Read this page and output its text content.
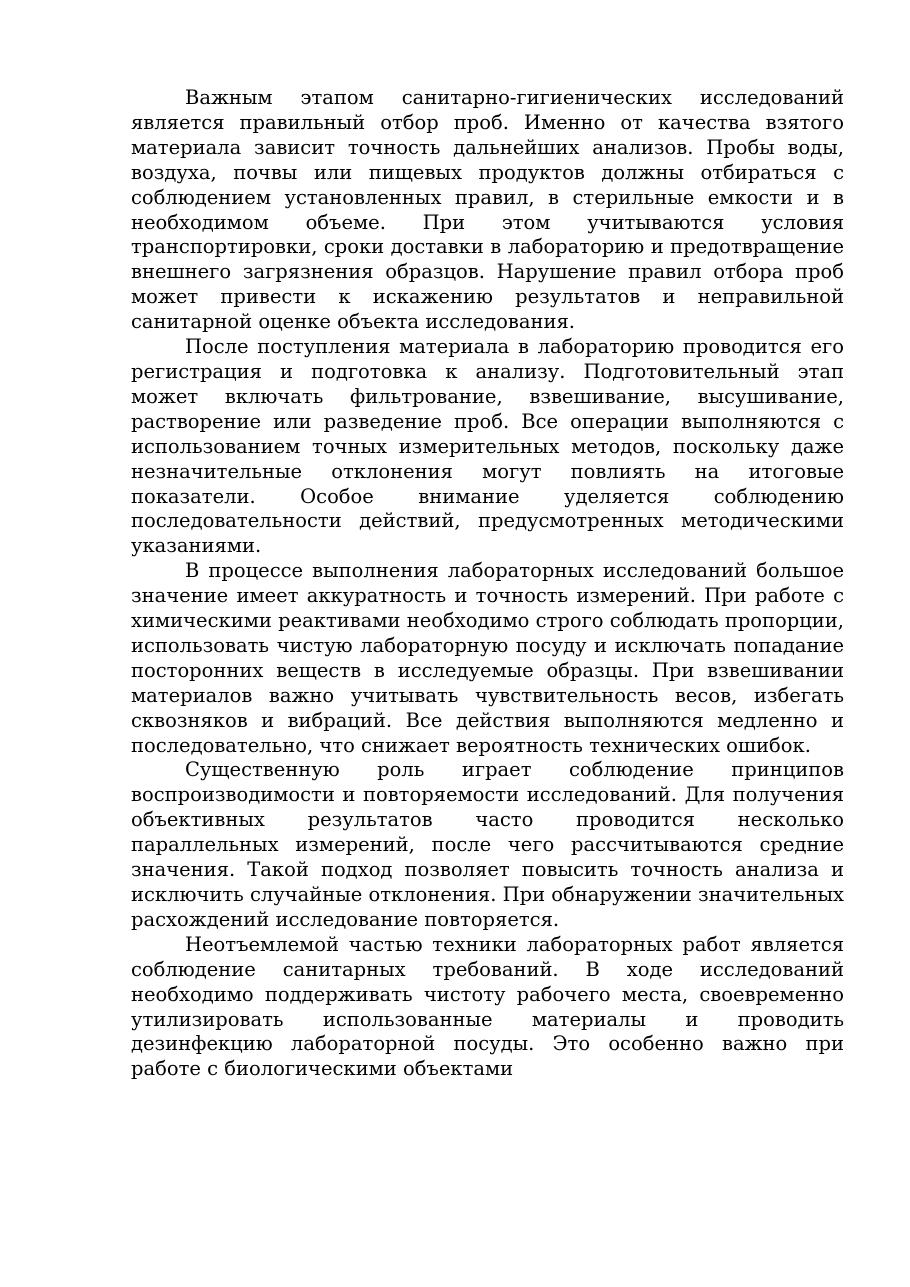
Важным этапом санитарно-гигиенических исследований является правильный отбор проб. Именно от качества взятого материала зависит точность дальнейших анализов. Пробы воды, воздуха, почвы или пищевых продуктов должны отбираться с соблюдением установленных правил, в стерильные емкости и в необходимом объеме. При этом учитываются условия транспортировки, сроки доставки в лабораторию и предотвращение внешнего загрязнения образцов. Нарушение правил отбора проб может привести к искажению результатов и неправильной санитарной оценке объекта исследования.

После поступления материала в лабораторию проводится его регистрация и подготовка к анализу. Подготовительный этап может включать фильтрование, взвешивание, высушивание, растворение или разведение проб. Все операции выполняются с использованием точных измерительных методов, поскольку даже незначительные отклонения могут повлиять на итоговые показатели. Особое внимание уделяется соблюдению последовательности действий, предусмотренных методическими указаниями.

В процессе выполнения лабораторных исследований большое значение имеет аккуратность и точность измерений. При работе с химическими реактивами необходимо строго соблюдать пропорции, использовать чистую лабораторную посуду и исключать попадание посторонних веществ в исследуемые образцы. При взвешивании материалов важно учитывать чувствительность весов, избегать сквозняков и вибраций. Все действия выполняются медленно и последовательно, что снижает вероятность технических ошибок.

Существенную роль играет соблюдение принципов воспроизводимости и повторяемости исследований. Для получения объективных результатов часто проводится несколько параллельных измерений, после чего рассчитываются средние значения. Такой подход позволяет повысить точность анализа и исключить случайные отклонения. При обнаружении значительных расхождений исследование повторяется.

Неотъемлемой частью техники лабораторных работ является соблюдение санитарных требований. В ходе исследований необходимо поддерживать чистоту рабочего места, своевременно утилизировать использованные материалы и проводить дезинфекцию лабораторной посуды. Это особенно важно при работе с биологическими объектами
